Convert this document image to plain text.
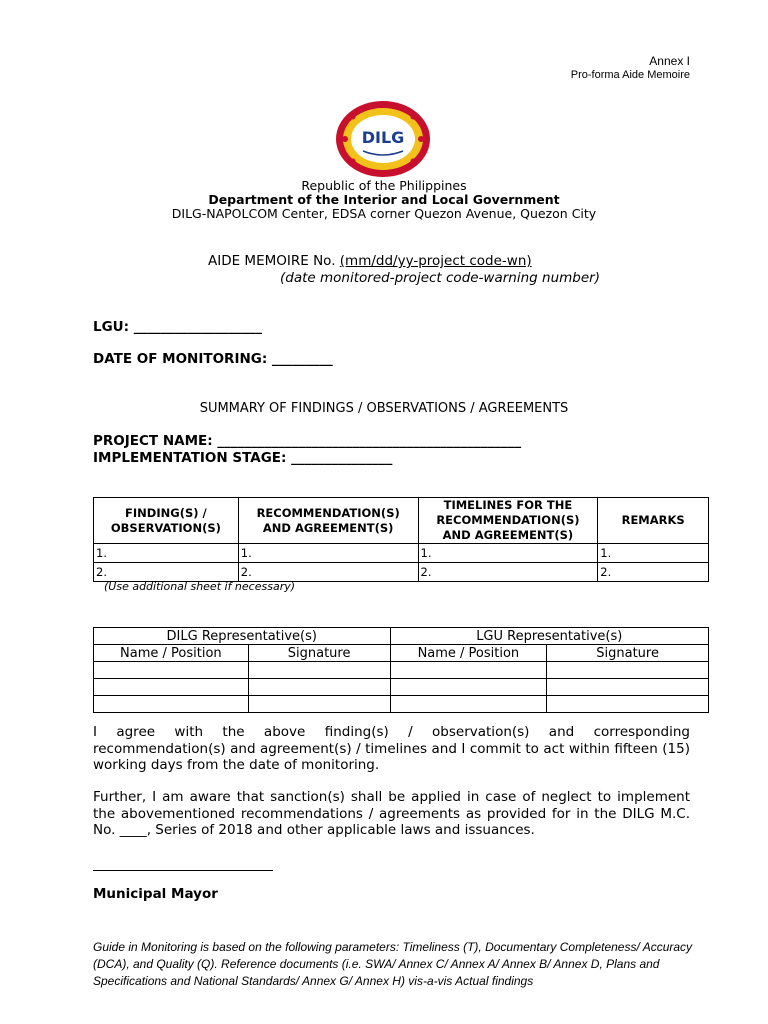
Annex I
Pro-forma Aide Memoire
DILG
Republic of the Philippines
Department of the Interior and Local Government
DILG-NAPOLCOM Center, EDSA corner Quezon Avenue, Quezon City
AIDE MEMOIRE No. (mm/dd/yy-project code-wn)
(date monitored-project code-warning number)
LGU: ___________________
DATE OF MONITORING: _________
SUMMARY OF FINDINGS / OBSERVATIONS / AGREEMENTS
PROJECT NAME: _____________________________________________
IMPLEMENTATION STAGE: _______________
FINDING(S) / OBSERVATION(S)	RECOMMENDATION(S) AND AGREEMENT(S)	TIMELINES FOR THE RECOMMENDATION(S) AND AGREEMENT(S)	REMARKS
1.	1.	1.	1.
2.	2.	2.	2.
(Use additional sheet if necessary)
DILG Representative(s)		LGU Representative(s)	
Name / Position	Signature	Name / Position	Signature

I agree with the above finding(s) / observation(s) and corresponding recommendation(s) and agreement(s) / timelines and I commit to act within fifteen (15) working days from the date of monitoring.
Further, I am aware that sanction(s) shall be applied in case of neglect to implement the abovementioned recommendations / agreements as provided for in the DILG M.C. No. ____, Series of 2018 and other applicable laws and issuances.
Municipal Mayor
Guide in Monitoring is based on the following parameters: Timeliness (T), Documentary Completeness/ Accuracy (DCA), and Quality (Q). Reference documents (i.e. SWA/ Annex C/ Annex A/ Annex B/ Annex D, Plans and Specifications and National Standards/ Annex G/ Annex H) vis-a-vis Actual findings
